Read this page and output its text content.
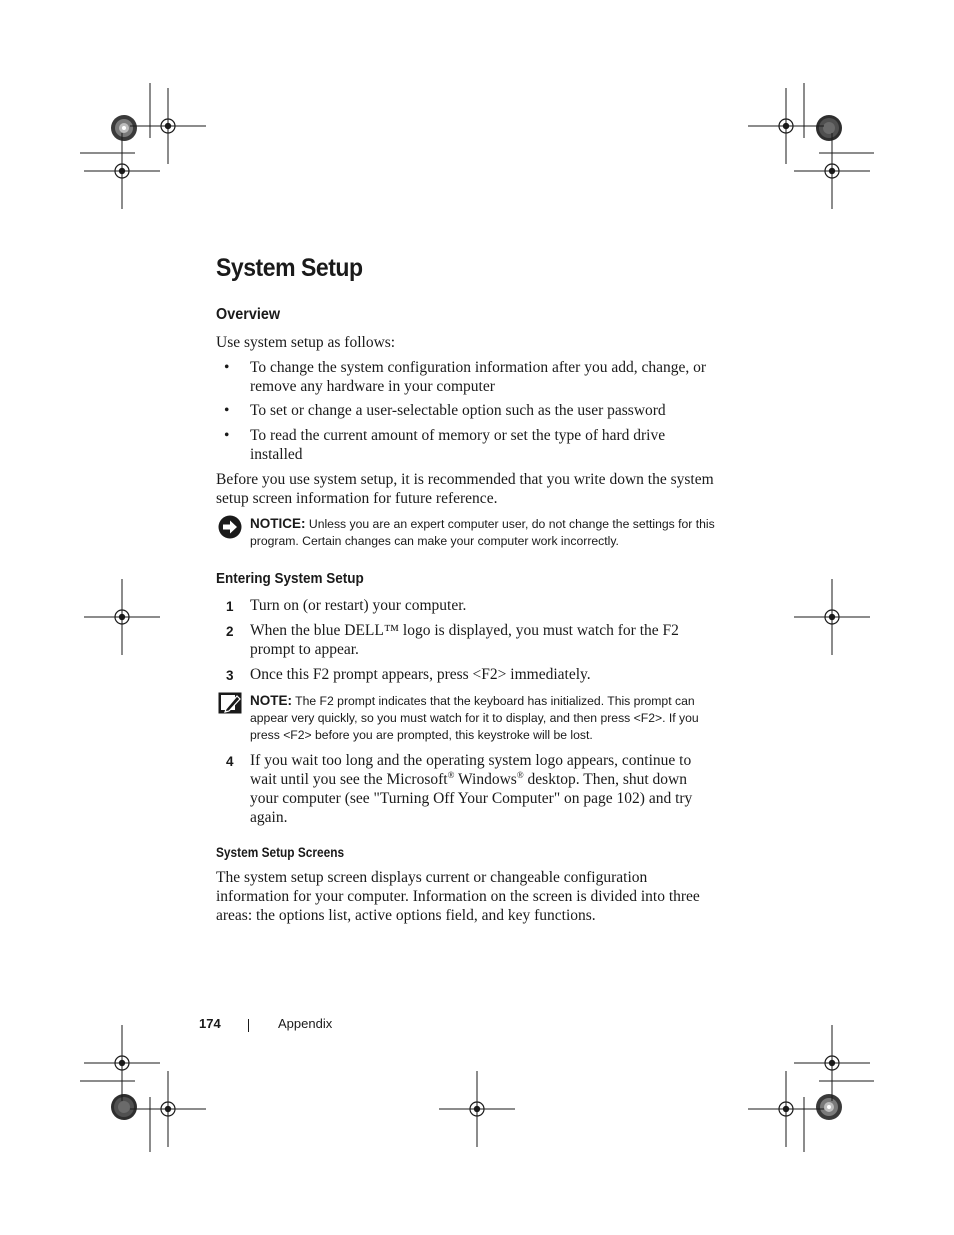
System Setup
Overview
Use system setup as follows:
• To change the system configuration information after you add, change, or remove any hardware in your computer
• To set or change a user-selectable option such as the user password
• To read the current amount of memory or set the type of hard drive installed
Before you use system setup, it is recommended that you write down the system setup screen information for future reference.
NOTICE: Unless you are an expert computer user, do not change the settings for this program. Certain changes can make your computer work incorrectly.
Entering System Setup
1 Turn on (or restart) your computer.
2 When the blue DELL™ logo is displayed, you must watch for the F2 prompt to appear.
3 Once this F2 prompt appears, press <F2> immediately.
NOTE: The F2 prompt indicates that the keyboard has initialized. This prompt can appear very quickly, so you must watch for it to display, and then press <F2>. If you press <F2> before you are prompted, this keystroke will be lost.
4 If you wait too long and the operating system logo appears, continue to wait until you see the Microsoft® Windows® desktop. Then, shut down your computer (see "Turning Off Your Computer" on page 102) and try again.
System Setup Screens
The system setup screen displays current or changeable configuration information for your computer. Information on the screen is divided into three areas: the options list, active options field, and key functions.
174	Appendix
